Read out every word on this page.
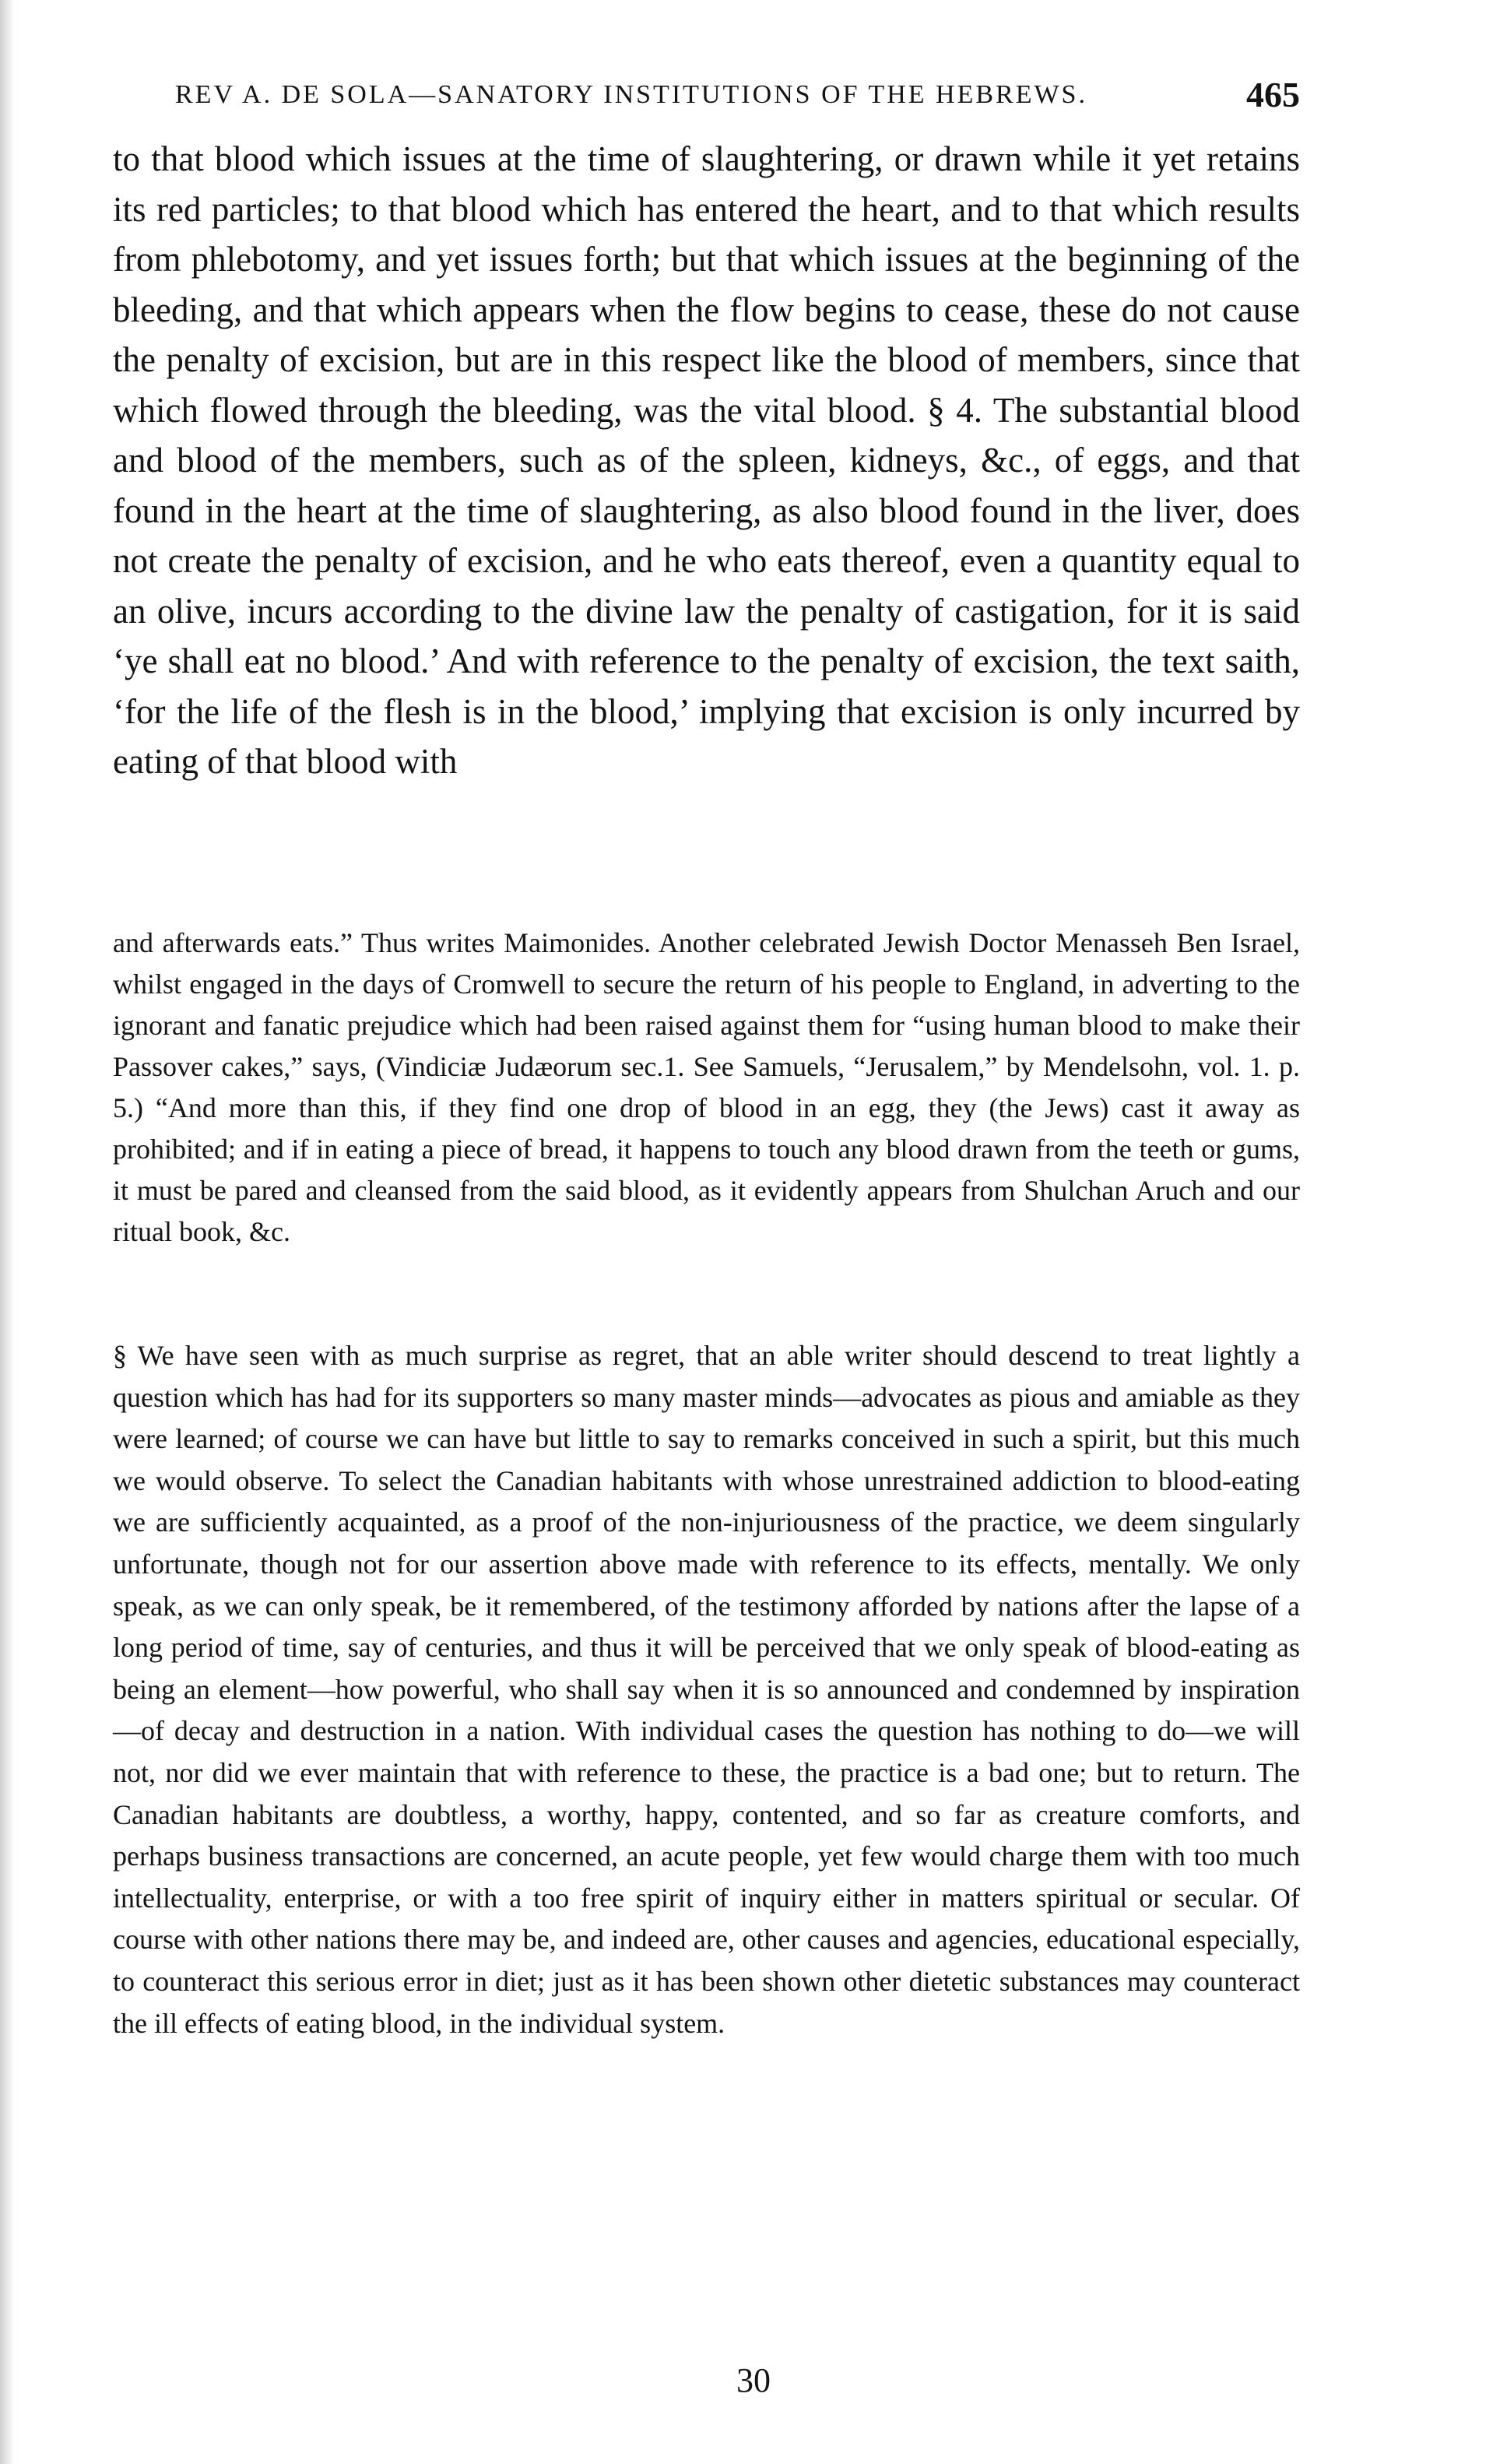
REV A. DE SOLA—SANATORY INSTITUTIONS OF THE HEBREWS.	465

to that blood which issues at the time of slaughtering, or drawn while it yet retains its red particles; to that blood which has entered the heart, and to that which results from phlebotomy, and yet issues forth; but that which issues at the beginning of the bleeding, and that which appears when the flow begins to cease, these do not cause the penalty of excision, but are in this respect like the blood of members, since that which flowed through the bleeding, was the vital blood. § 4. The substantial blood and blood of the members, such as of the spleen, kidneys, &c., of eggs, and that found in the heart at the time of slaughtering, as also blood found in the liver, does not create the penalty of excision, and he who eats thereof, even a quantity equal to an olive, incurs according to the divine law the penalty of castigation, for it is said ‘ye shall eat no blood.’ And with reference to the penalty of excision, the text saith, ‘for the life of the flesh is in the blood,’ implying that excision is only incurred by eating of that blood with

and afterwards eats.” Thus writes Maimonides. Another celebrated Jewish Doctor Menasseh Ben Israel, whilst engaged in the days of Cromwell to secure the return of his people to England, in adverting to the ignorant and fanatic prejudice which had been raised against them for “using human blood to make their Passover cakes,” says, (Vindiciæ Judæorum sec.1. See Samuels, “Jerusalem,” by Mendelsohn, vol. 1. p. 5.) “And more than this, if they find one drop of blood in an egg, they (the Jews) cast it away as prohibited; and if in eating a piece of bread, it happens to touch any blood drawn from the teeth or gums, it must be pared and cleansed from the said blood, as it evidently appears from Shulchan Aruch and our ritual book, &c.

§ We have seen with as much surprise as regret, that an able writer should descend to treat lightly a question which has had for its supporters so many master minds—advocates as pious and amiable as they were learned; of course we can have but little to say to remarks conceived in such a spirit, but this much we would observe. To select the Canadian habitants with whose unrestrained addiction to blood-eating we are sufficiently acquainted, as a proof of the non-injuriousness of the practice, we deem singularly unfortunate, though not for our assertion above made with reference to its effects, mentally. We only speak, as we can only speak, be it remembered, of the testimony afforded by nations after the lapse of a long period of time, say of centuries, and thus it will be perceived that we only speak of blood-eating as being an element—how powerful, who shall say when it is so announced and condemned by inspiration—of decay and destruction in a nation. With individual cases the question has nothing to do—we will not, nor did we ever maintain that with reference to these, the practice is a bad one; but to return. The Canadian habitants are doubtless, a worthy, happy, contented, and so far as creature comforts, and perhaps business transactions are concerned, an acute people, yet few would charge them with too much intellectuality, enterprise, or with a too free spirit of inquiry either in matters spiritual or secular. Of course with other nations there may be, and indeed are, other causes and agencies, educational especially, to counteract this serious error in diet; just as it has been shown other dietetic substances may counteract the ill effects of eating blood, in the individual system.

30
